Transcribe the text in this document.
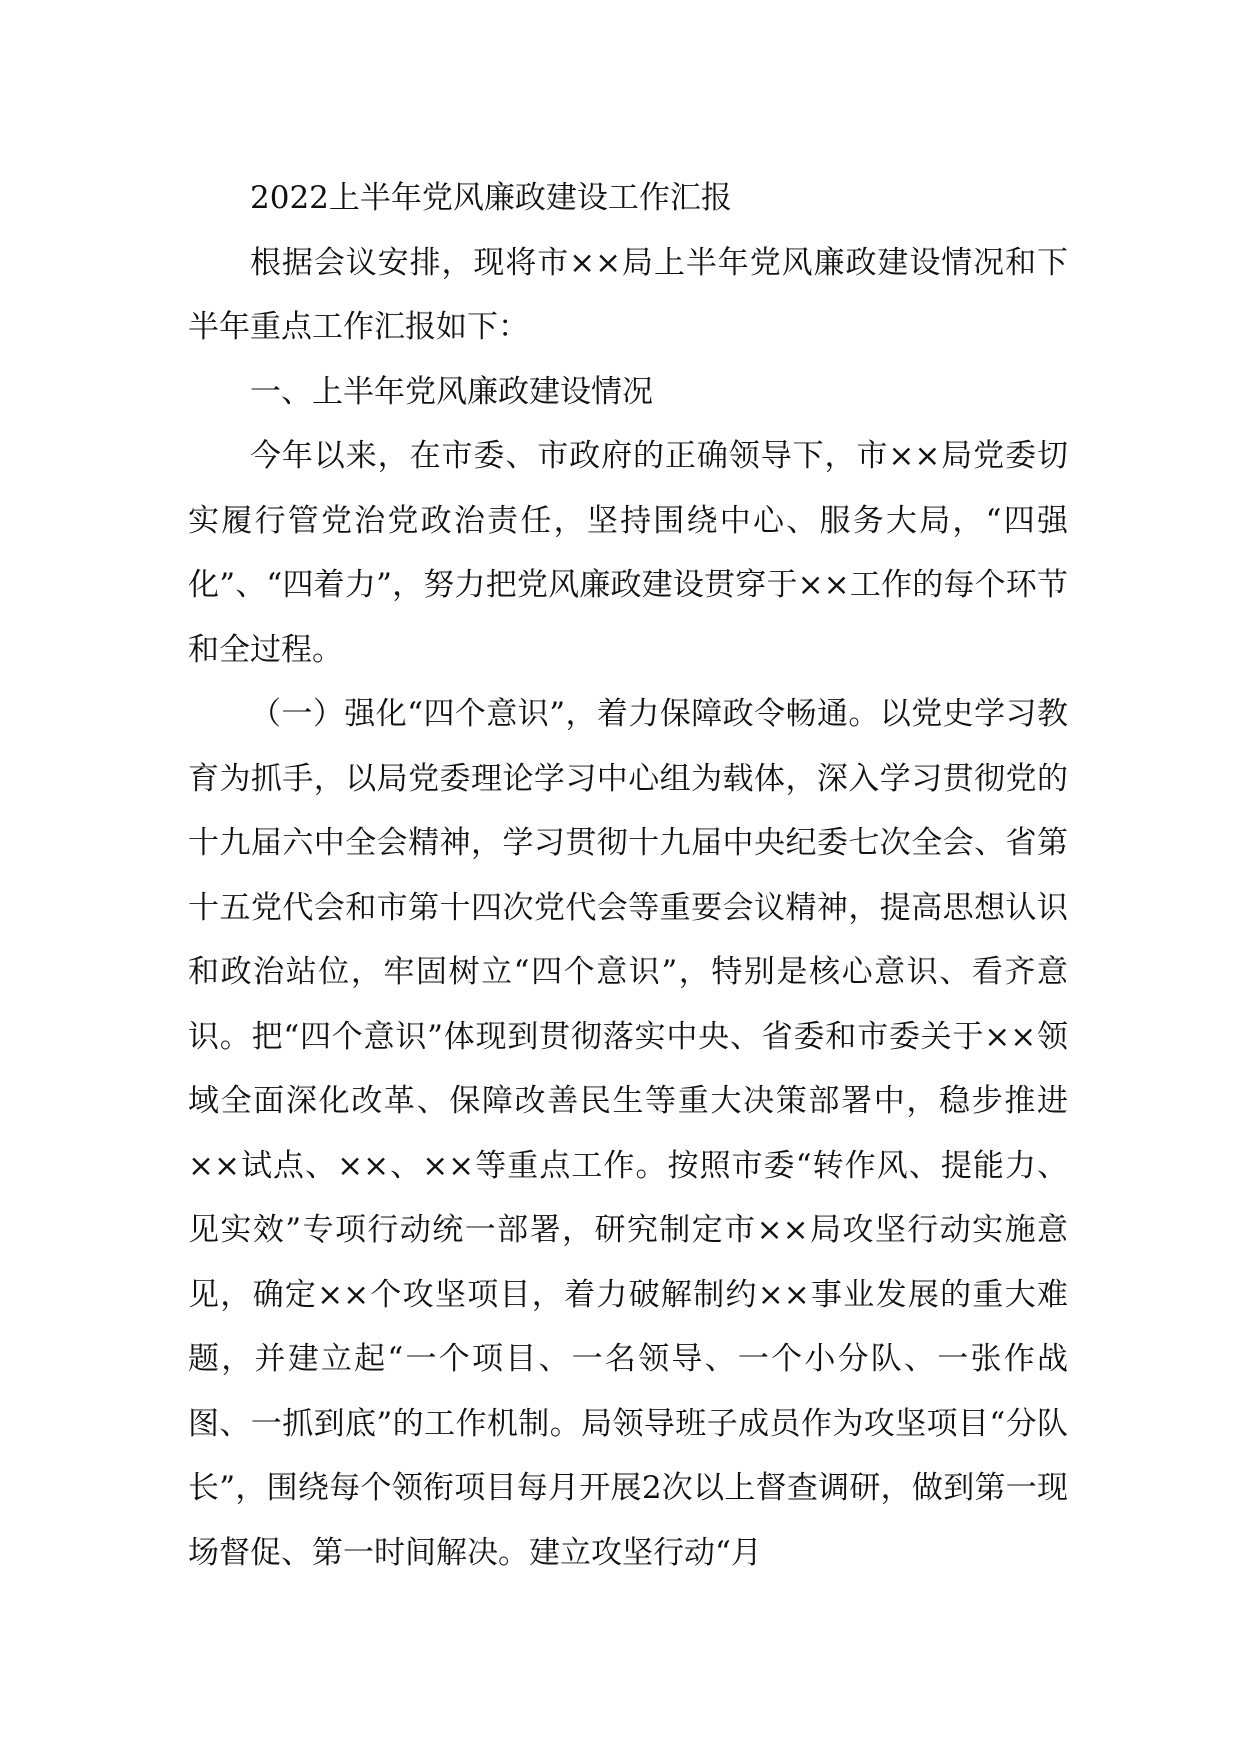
2022上半年党风廉政建设工作汇报

根据会议安排，现将市××局上半年党风廉政建设情况和下半年重点工作汇报如下：

一、上半年党风廉政建设情况

今年以来，在市委、市政府的正确领导下，市××局党委切实履行管党治党政治责任，坚持围绕中心、服务大局，“四强化”、“四着力”，努力把党风廉政建设贯穿于××工作的每个环节和全过程。

（一）强化“四个意识”，着力保障政令畅通。以党史学习教育为抓手，以局党委理论学习中心组为载体，深入学习贯彻党的十九届六中全会精神，学习贯彻十九届中央纪委七次全会、省第十五党代会和市第十四次党代会等重要会议精神，提高思想认识和政治站位，牢固树立“四个意识”，特别是核心意识、看齐意识。把“四个意识”体现到贯彻落实中央、省委和市委关于××领域全面深化改革、保障改善民生等重大决策部署中，稳步推进××试点、××、××等重点工作。按照市委“转作风、提能力、见实效”专项行动统一部署，研究制定市××局攻坚行动实施意见，确定××个攻坚项目，着力破解制约××事业发展的重大难题，并建立起“一个项目、一名领导、一个小分队、一张作战图、一抓到底”的工作机制。局领导班子成员作为攻坚项目“分队长”，围绕每个领衔项目每月开展2次以上督查调研，做到第一现场督促、第一时间解决。建立攻坚行动“月
